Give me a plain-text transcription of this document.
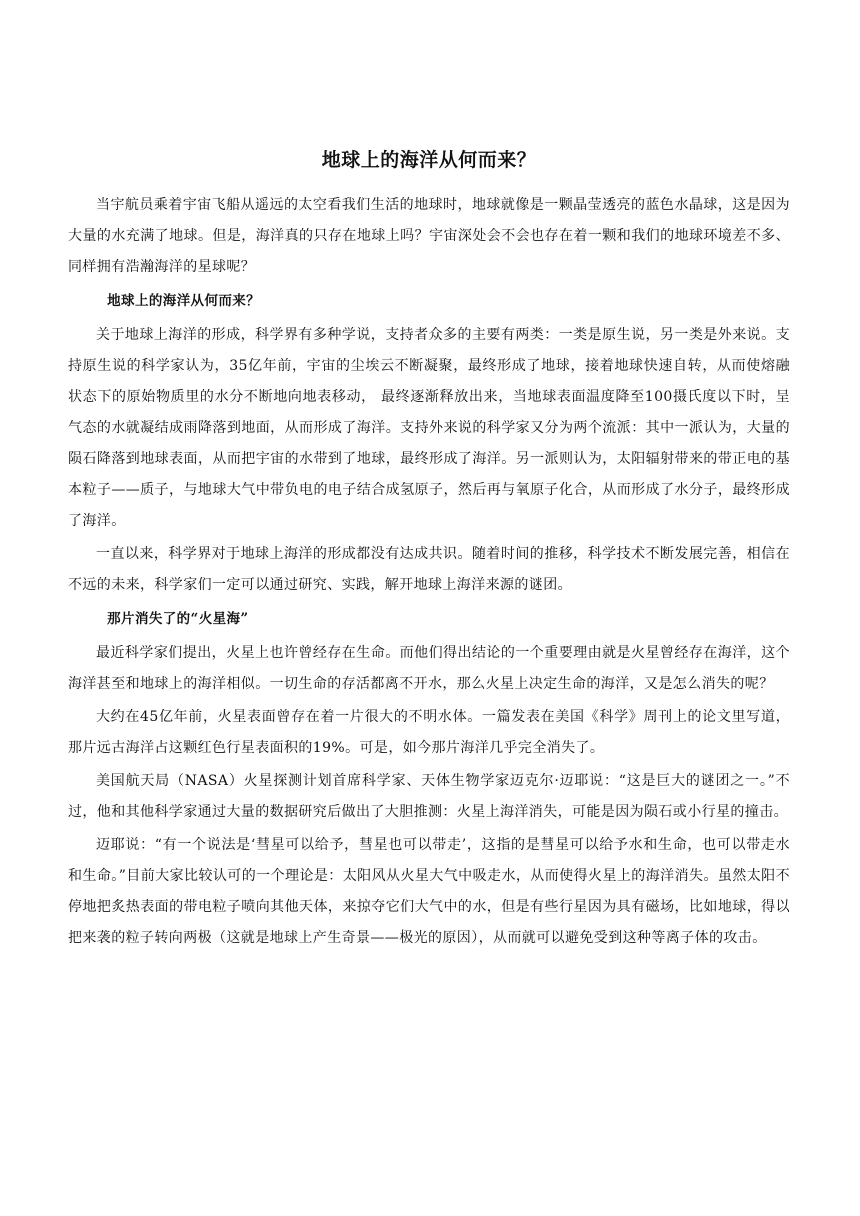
地球上的海洋从何而来？

当宇航员乘着宇宙飞船从遥远的太空看我们生活的地球时，地球就像是一颗晶莹透亮的蓝色水晶球，这是因为大量的水充满了地球。但是，海洋真的只存在地球上吗？宇宙深处会不会也存在着一颗和我们的地球环境差不多、同样拥有浩瀚海洋的星球呢？

地球上的海洋从何而来？

关于地球上海洋的形成，科学界有多种学说，支持者众多的主要有两类：一类是原生说，另一类是外来说。支持原生说的科学家认为，35亿年前，宇宙的尘埃云不断凝聚，最终形成了地球，接着地球快速自转，从而使熔融状态下的原始物质里的水分不断地向地表移动， 最终逐渐释放出来，当地球表面温度降至100摄氏度以下时，呈气态的水就凝结成雨降落到地面，从而形成了海洋。支持外来说的科学家又分为两个流派：其中一派认为，大量的陨石降落到地球表面，从而把宇宙的水带到了地球，最终形成了海洋。另一派则认为，太阳辐射带来的带正电的基本粒子——质子，与地球大气中带负电的电子结合成氢原子，然后再与氧原子化合，从而形成了水分子，最终形成了海洋。

一直以来，科学界对于地球上海洋的形成都没有达成共识。随着时间的推移，科学技术不断发展完善，相信在不远的未来，科学家们一定可以通过研究、实践，解开地球上海洋来源的谜团。

那片消失了的“火星海”

最近科学家们提出，火星上也许曾经存在生命。而他们得出结论的一个重要理由就是火星曾经存在海洋，这个海洋甚至和地球上的海洋相似。一切生命的存活都离不开水，那么火星上决定生命的海洋，又是怎么消失的呢？

大约在45亿年前，火星表面曾存在着一片很大的不明水体。一篇发表在美国《科学》周刊上的论文里写道，那片远古海洋占这颗红色行星表面积的19%。可是，如今那片海洋几乎完全消失了。

美国航天局（NASA）火星探测计划首席科学家、天体生物学家迈克尔·迈耶说：“这是巨大的谜团之一。”不过，他和其他科学家通过大量的数据研究后做出了大胆推测：火星上海洋消失，可能是因为陨石或小行星的撞击。

迈耶说：“有一个说法是‘彗星可以给予，彗星也可以带走’，这指的是彗星可以给予水和生命，也可以带走水和生命。”目前大家比较认可的一个理论是：太阳风从火星大气中吸走水，从而使得火星上的海洋消失。虽然太阳不停地把炙热表面的带电粒子喷向其他天体，来掠夺它们大气中的水，但是有些行星因为具有磁场，比如地球，得以把来袭的粒子转向两极（这就是地球上产生奇景——极光的原因），从而就可以避免受到这种等离子体的攻击。
